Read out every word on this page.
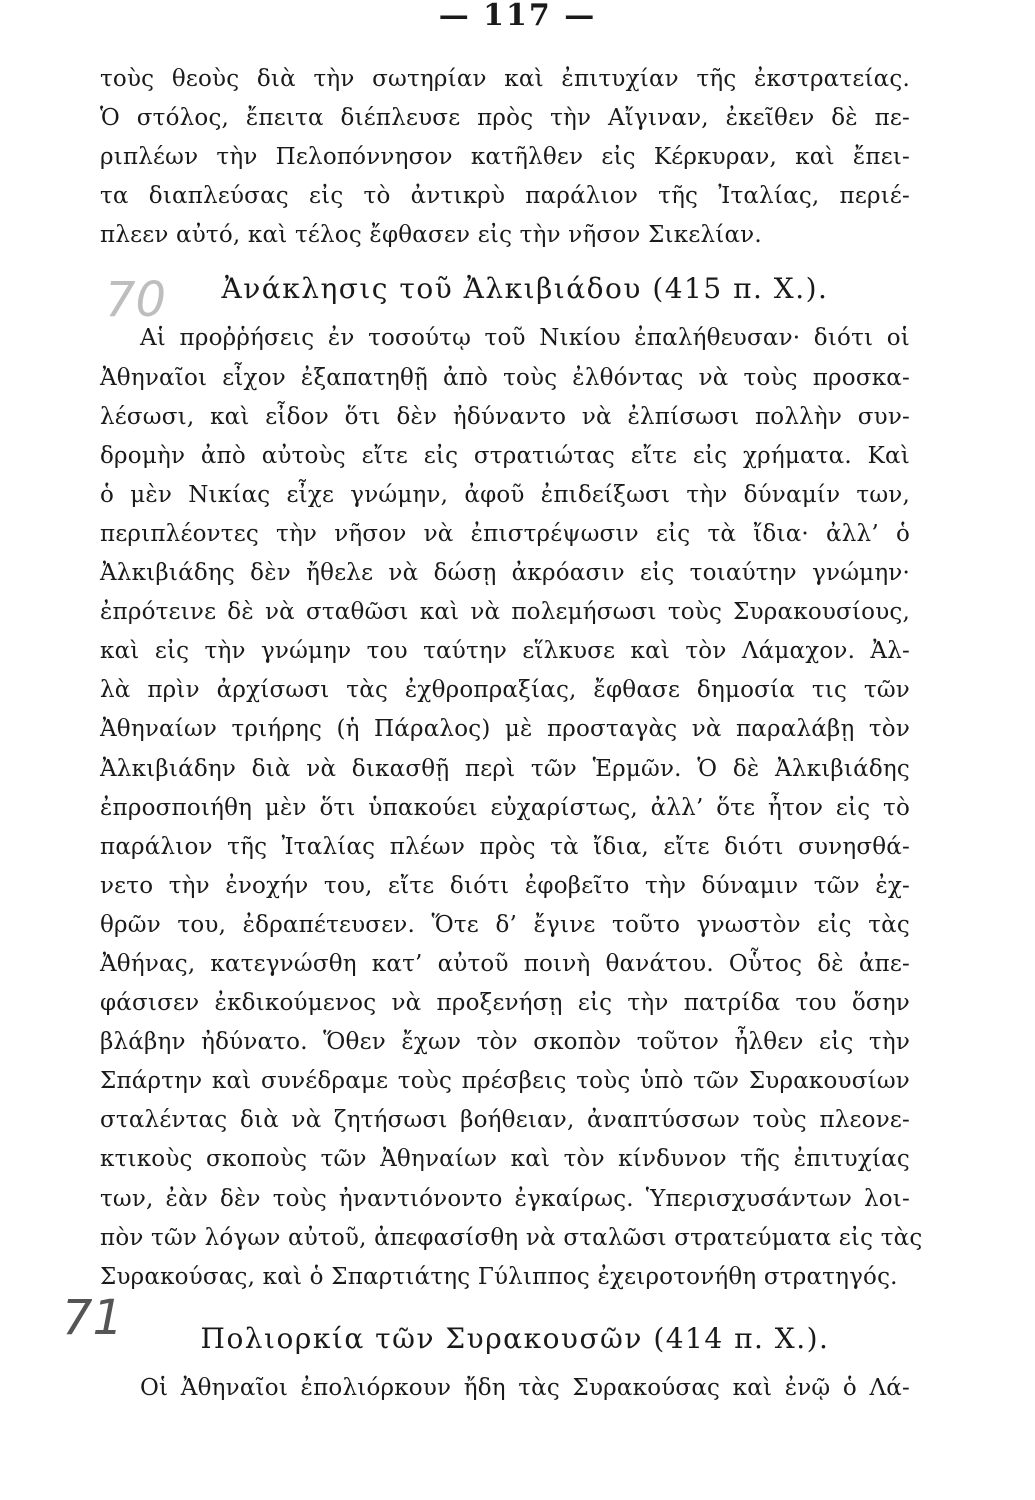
— 117 —
70
71
τοὺς θεοὺς διὰ τὴν σωτηρίαν καὶ ἐπιτυχίαν τῆς ἐκστρατείας.
Ὁ στόλος, ἔπειτα διέπλευσε πρὸς τὴν Αἴγιναν, ἐκεῖθεν δὲ πε-
ριπλέων τὴν Πελοπόννησον κατῆλθεν εἰς Κέρκυραν, καὶ ἔπει-
τα διαπλεύσας εἰς τὸ ἀντικρὺ παράλιον τῆς Ἰταλίας, περιέ-
πλεεν αὐτό, καὶ τέλος ἔφθασεν εἰς τὴν νῆσον Σικελίαν.
Ἀνάκλησις τοῦ Ἀλκιβιάδου (415 π. Χ.).
Αἱ προῤῥήσεις ἐν τοσούτῳ τοῦ Νικίου ἐπαλήθευσαν· διότι οἱ
Ἀθηναῖοι εἶχον ἐξαπατηθῇ ἀπὸ τοὺς ἐλθόντας νὰ τοὺς προσκα-
λέσωσι, καὶ εἶδον ὅτι δὲν ἠδύναντο νὰ ἐλπίσωσι πολλὴν συν-
δρομὴν ἀπὸ αὐτοὺς εἴτε εἰς στρατιώτας εἴτε εἰς χρήματα. Καὶ
ὁ μὲν Νικίας εἶχε γνώμην, ἀφοῦ ἐπιδείξωσι τὴν δύναμίν των,
περιπλέοντες τὴν νῆσον νὰ ἐπιστρέψωσιν εἰς τὰ ἴδια· ἀλλ’ ὁ
Ἀλκιβιάδης δὲν ἤθελε νὰ δώσῃ ἀκρόασιν εἰς τοιαύτην γνώμην·
ἐπρότεινε δὲ νὰ σταθῶσι καὶ νὰ πολεμήσωσι τοὺς Συρακουσίους,
καὶ εἰς τὴν γνώμην του ταύτην εἵλκυσε καὶ τὸν Λάμαχον. Ἀλ-
λὰ πρὶν ἀρχίσωσι τὰς ἐχθροπραξίας, ἔφθασε δημοσία τις τῶν
Ἀθηναίων τριήρης (ἡ Πάραλος) μὲ προσταγὰς νὰ παραλάβῃ τὸν
Ἀλκιβιάδην διὰ νὰ δικασθῇ περὶ τῶν Ἑρμῶν. Ὁ δὲ Ἀλκιβιάδης
ἐπροσποιήθη μὲν ὅτι ὑπακούει εὐχαρίστως, ἀλλ’ ὅτε ἦτον εἰς τὸ
παράλιον τῆς Ἰταλίας πλέων πρὸς τὰ ἴδια, εἴτε διότι συνησθά-
νετο τὴν ἐνοχήν του, εἴτε διότι ἐφοβεῖτο τὴν δύναμιν τῶν ἐχ-
θρῶν του, ἐδραπέτευσεν. Ὅτε δ’ ἔγινε τοῦτο γνωστὸν εἰς τὰς
Ἀθήνας, κατεγνώσθη κατ’ αὐτοῦ ποινὴ θανάτου. Οὗτος δὲ ἀπε-
φάσισεν ἐκδικούμενος νὰ προξενήσῃ εἰς τὴν πατρίδα του ὅσην
βλάβην ἠδύνατο. Ὅθεν ἔχων τὸν σκοπὸν τοῦτον ἦλθεν εἰς τὴν
Σπάρτην καὶ συνέδραμε τοὺς πρέσβεις τοὺς ὑπὸ τῶν Συρακουσίων
σταλέντας διὰ νὰ ζητήσωσι βοήθειαν, ἀναπτύσσων τοὺς πλεονε-
κτικοὺς σκοποὺς τῶν Ἀθηναίων καὶ τὸν κίνδυνον τῆς ἐπιτυχίας
των, ἐὰν δὲν τοὺς ἠναντιόνοντο ἐγκαίρως. Ὑπερισχυσάντων λοι-
πὸν τῶν λόγων αὐτοῦ, ἀπεφασίσθη νὰ σταλῶσι στρατεύματα εἰς τὰς
Συρακούσας, καὶ ὁ Σπαρτιάτης Γύλιππος ἐχειροτονήθη στρατηγός.
Πολιορκία τῶν Συρακουσῶν (414 π. Χ.).
Οἱ Ἀθηναῖοι ἐπολιόρκουν ἤδη τὰς Συρακούσας καὶ ἐνῷ ὁ Λά-
